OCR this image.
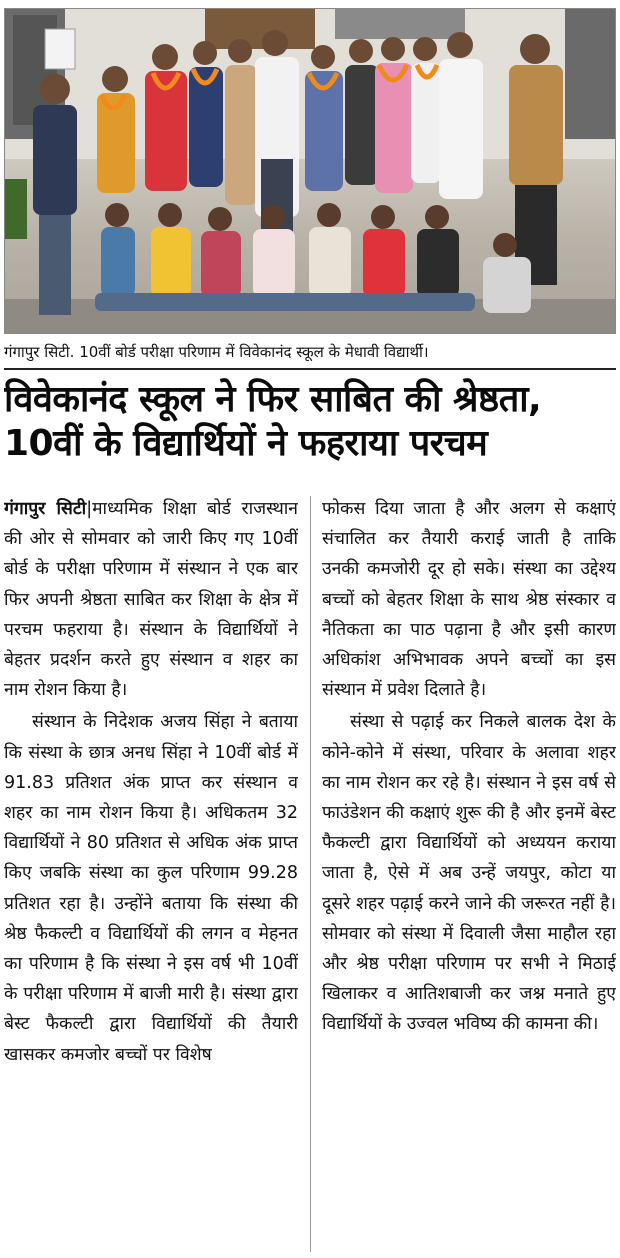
गंगापुर सिटी. 10वीं बोर्ड परीक्षा परिणाम में विवेकानंद स्कूल के मेधावी विद्यार्थी।
विवेकानंद स्कूल ने फिर साबित की श्रेष्ठता,
10वीं के विद्यार्थियों ने फहराया परचम

गंगापुर सिटी|माध्यमिक शिक्षा बोर्ड राजस्थान की ओर से सोमवार को जारी किए गए 10वीं बोर्ड के परीक्षा परिणाम में संस्थान ने एक बार फिर अपनी श्रेष्ठता साबित कर शिक्षा के क्षेत्र में परचम फहराया है। संस्थान के विद्यार्थियों ने बेहतर प्रदर्शन करते हुए संस्थान व शहर का नाम रोशन किया है।

संस्थान के निदेशक अजय सिंहा ने बताया कि संस्था के छात्र अनध सिंहा ने 10वीं बोर्ड में 91.83 प्रतिशत अंक प्राप्त कर संस्थान व शहर का नाम रोशन किया है। अधिकतम 32 विद्यार्थियों ने 80 प्रतिशत से अधिक अंक प्राप्त किए जबकि संस्था का कुल परिणाम 99.28 प्रतिशत रहा है। उन्होंने बताया कि संस्था की श्रेष्ठ फैकल्टी व विद्यार्थियों की लगन व मेहनत का परिणाम है कि संस्था ने इस वर्ष भी 10वीं के परीक्षा परिणाम में बाजी मारी है। संस्था द्वारा बेस्ट फैकल्टी द्वारा विद्यार्थियों की तैयारी खासकर कमजोर बच्चों पर विशेष

फोकस दिया जाता है और अलग से कक्षाएं संचालित कर तैयारी कराई जाती है ताकि उनकी कमजोरी दूर हो सके। संस्था का उद्देश्य बच्चों को बेहतर शिक्षा के साथ श्रेष्ठ संस्कार व नैतिकता का पाठ पढ़ाना है और इसी कारण अधिकांश अभिभावक अपने बच्चों का इस संस्थान में प्रवेश दिलाते है।

संस्था से पढ़ाई कर निकले बालक देश के कोने-कोने में संस्था, परिवार के अलावा शहर का नाम रोशन कर रहे है। संस्थान ने इस वर्ष से फाउंडेशन की कक्षाएं शुरू की है और इनमें बेस्ट फैकल्टी द्वारा विद्यार्थियों को अध्ययन कराया जाता है, ऐसे में अब उन्हें जयपुर, कोटा या दूसरे शहर पढ़ाई करने जाने की जरूरत नहीं है। सोमवार को संस्था में दिवाली जैसा माहौल रहा और श्रेष्ठ परीक्षा परिणाम पर सभी ने मिठाई खिलाकर व आतिशबाजी कर जश्न मनाते हुए विद्यार्थियों के उज्वल भविष्य की कामना की।
